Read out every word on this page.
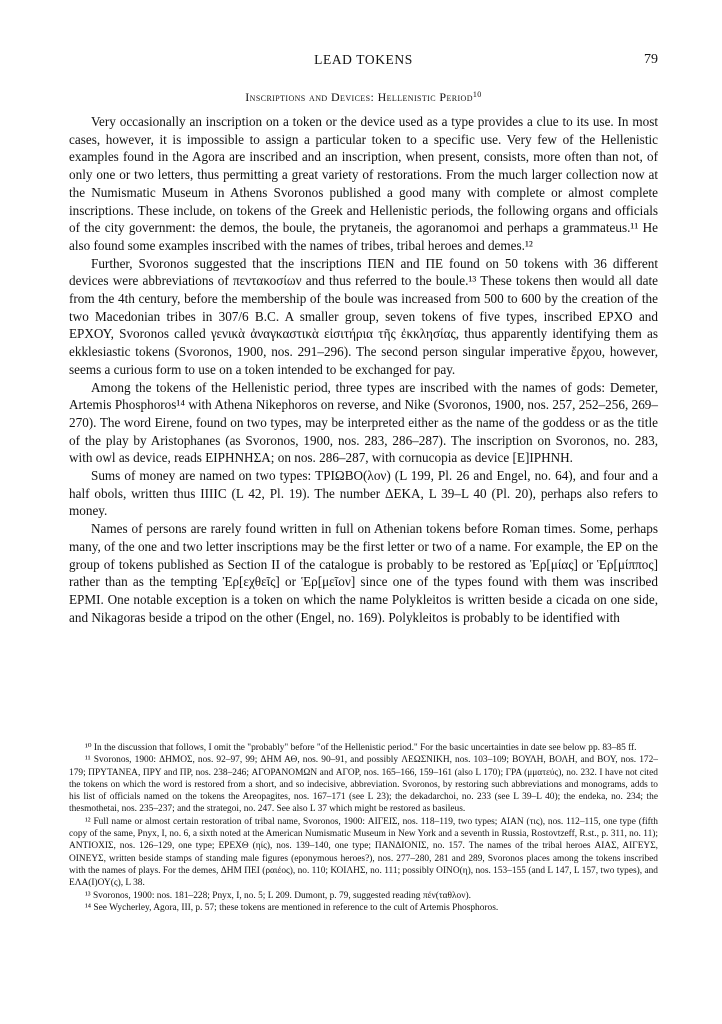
LEAD TOKENS	79
Inscriptions and Devices: Hellenistic Period$^{10}$

Very occasionally an inscription on a token or the device used as a type provides a clue to its use. In most cases, however, it is impossible to assign a particular token to a specific use. Very few of the Hellenistic examples found in the Agora are inscribed and an inscription, when present, consists, more often than not, of only one or two letters, thus permitting a great variety of restorations. From the much larger collection now at the Numismatic Museum in Athens Svoronos published a good many with complete or almost complete inscriptions. These include, on tokens of the Greek and Hellenistic periods, the following organs and officials of the city government: the demos, the boule, the prytaneis, the agoranomoi and perhaps a grammateus.¹¹ He also found some examples inscribed with the names of tribes, tribal heroes and demes.¹²

Further, Svoronos suggested that the inscriptions ΠΕΝ and ΠΕ found on 50 tokens with 36 different devices were abbreviations of πεντακοσίων and thus referred to the boule.¹³ These tokens then would all date from the 4th century, before the membership of the boule was increased from 500 to 600 by the creation of the two Macedonian tribes in 307/6 B.C. A smaller group, seven tokens of five types, inscribed ΕΡΧΟ and ΕΡΧΟΥ, Svoronos called γενικὰ ἀναγκαστικὰ εἰσιτήρια τῆς ἐκκλησίας, thus apparently identifying them as ekklesiastic tokens (Svoronos, 1900, nos. 291–296). The second person singular imperative ἔρχου, however, seems a curious form to use on a token intended to be exchanged for pay.

Among the tokens of the Hellenistic period, three types are inscribed with the names of gods: Demeter, Artemis Phosphoros¹⁴ with Athena Nikephoros on reverse, and Nike (Svoronos, 1900, nos. 257, 252–256, 269–270). The word Eirene, found on two types, may be interpreted either as the name of the goddess or as the title of the play by Aristophanes (as Svoronos, 1900, nos. 283, 286–287). The inscription on Svoronos, no. 283, with owl as device, reads ΕΙΡΗΝΗΣΑ; on nos. 286–287, with cornucopia as device [Ε]ΙΡΗΝΗ.

Sums of money are named on two types: ΤΡΙΩΒΟ(λον) (L 199, Pl. 26 and Engel, no. 64), and four and a half obols, written thus IIIIC (L 42, Pl. 19). The number ΔΕΚΑ, L 39–L 40 (Pl. 20), perhaps also refers to money.

Names of persons are rarely found written in full on Athenian tokens before Roman times. Some, perhaps many, of the one and two letter inscriptions may be the first letter or two of a name. For example, the ΕΡ on the group of tokens published as Section II of the catalogue is probably to be restored as Ἑρ[μίας] or Ἑρ[μίππος] rather than as the tempting Ἐρ[εχθεῖς] or Ἑρ[μεῖον] since one of the types found with them was inscribed ΕΡΜΙ. One notable exception is a token on which the name Polykleitos is written beside a cicada on one side, and Nikagoras beside a tripod on the other (Engel, no. 169). Polykleitos is probably to be identified with

¹⁰ In the discussion that follows, I omit the "probably" before "of the Hellenistic period." For the basic uncertainties in date see below pp. 83–85 ff.

¹¹ Svoronos, 1900: ΔΗΜΟΣ, nos. 92–97, 99; ΔΗΜ ΑΘ, nos. 90–91, and possibly ΛΕΩΣΝΙΚΗ, nos. 103–109; ΒΟΥΛΗ, ΒΟΛΗ, and ΒΟΥ, nos. 172–179; ΠΡΥΤΑΝΕΑ, ΠΡΥ and ΠΡ, nos. 238–246; ΑΓΟΡΑΝΟΜΩΝ and ΑΓΟΡ, nos. 165–166, 159–161 (also L 170); ΓΡΑ (μματεύς), no. 232. I have not cited the tokens on which the word is restored from a short, and so indecisive, abbreviation. Svoronos, by restoring such abbreviations and monograms, adds to his list of officials named on the tokens the Areopagites, nos. 167–171 (see L 23); the dekadarchoi, no. 233 (see L 39–L 40); the endeka, no. 234; the thesmothetai, nos. 235–237; and the strategoi, no. 247. See also L 37 which might be restored as basileus.

¹² Full name or almost certain restoration of tribal name, Svoronos, 1900: ΑΙΓΕΙΣ, nos. 118–119, two types; ΑΙΑΝ (τις), nos. 112–115, one type (fifth copy of the same, Pnyx, I, no. 6, a sixth noted at the American Numismatic Museum in New York and a seventh in Russia, Rostovtzeff, R.st., p. 311, no. 11); ΑΝΤΙΟΧΙΣ, nos. 126–129, one type; ΕΡΕΧΘ (ηίς), nos. 139–140, one type; ΠΑΝΔΙΟΝΙΣ, no. 157. The names of the tribal heroes ΑΙΑΣ, ΑΙΓΕΥΣ, ΟΙΝΕΥΣ, written beside stamps of standing male figures (eponymous heroes?), nos. 277–280, 281 and 289, Svoronos places among the tokens inscribed with the names of plays. For the demes, ΔΗΜ ΠΕΙ (ραιέος), no. 110; ΚΟΙΛΗΣ, no. 111; possibly ΟΙΝΟ(η), nos. 153–155 (and L 147, L 157, two types), and ΕΛΑ(Ι)ΟΥ(ς), L 38.

¹³ Svoronos, 1900: nos. 181–228; Pnyx, I, no. 5; L 209. Dumont, p. 79, suggested reading πέν(ταθλον).

¹⁴ See Wycherley, Agora, III, p. 57; these tokens are mentioned in reference to the cult of Artemis Phosphoros.
